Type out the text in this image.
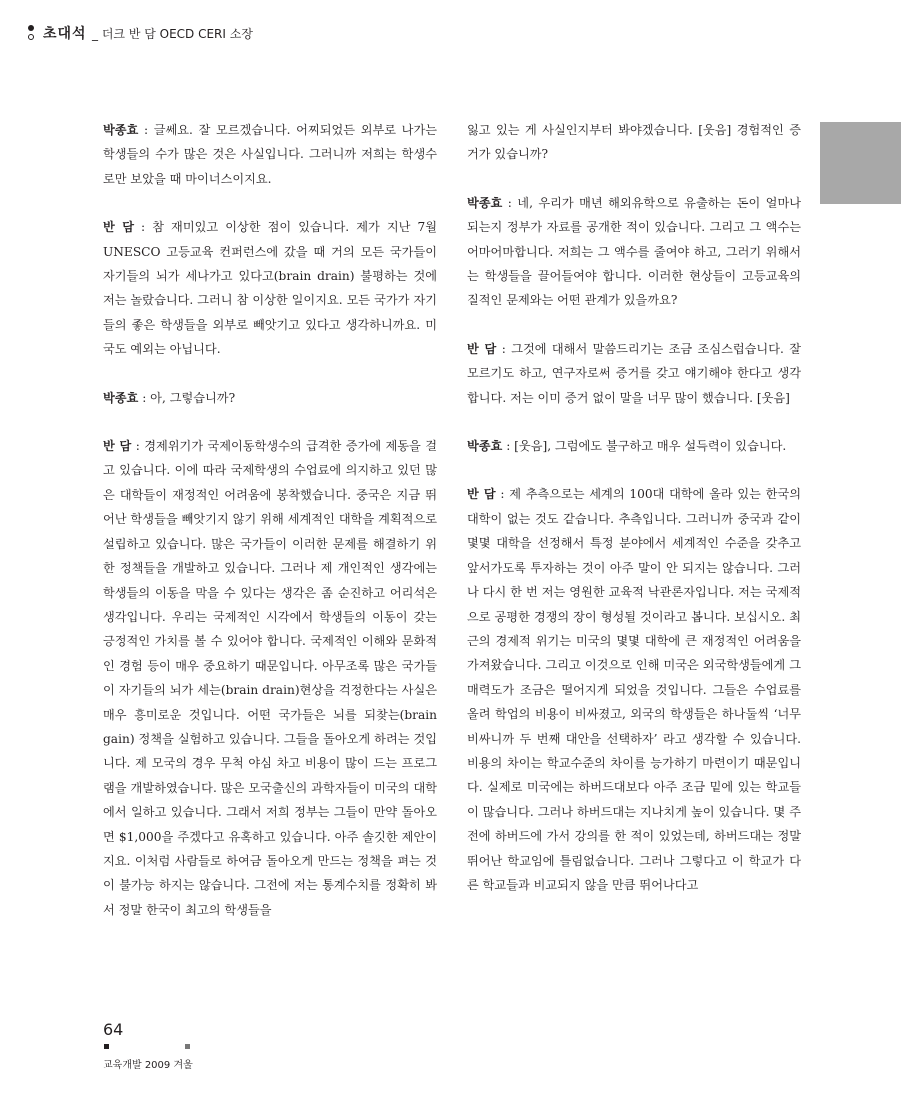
초대석 _ 더크 반 담 OECD CERI 소장

박종효 : 글쎄요. 잘 모르겠습니다. 어찌되었든 외부로 나가는 학생들의 수가 많은 것은 사실입니다. 그러니까 저희는 학생수로만 보았을 때 마이너스이지요.

반 담 : 참 재미있고 이상한 점이 있습니다. 제가 지난 7월 UNESCO 고등교육 컨퍼런스에 갔을 때 거의 모든 국가들이 자기들의 뇌가 세나가고 있다고(brain drain) 불평하는 것에 저는 놀랐습니다. 그러니 참 이상한 일이지요. 모든 국가가 자기들의 좋은 학생들을 외부로 빼앗기고 있다고 생각하니까요. 미국도 예외는 아닙니다.

박종효 : 아, 그렇습니까?

반 담 : 경제위기가 국제이동학생수의 급격한 증가에 제동을 걸고 있습니다. 이에 따라 국제학생의 수업료에 의지하고 있던 많은 대학들이 재정적인 어려움에 봉착했습니다. 중국은 지금 뛰어난 학생들을 빼앗기지 않기 위해 세계적인 대학을 계획적으로 설립하고 있습니다. 많은 국가들이 이러한 문제를 해결하기 위한 정책들을 개발하고 있습니다. 그러나 제 개인적인 생각에는 학생들의 이동을 막을 수 있다는 생각은 좀 순진하고 어리석은 생각입니다. 우리는 국제적인 시각에서 학생들의 이동이 갖는 긍정적인 가치를 볼 수 있어야 합니다. 국제적인 이해와 문화적인 경험 등이 매우 중요하기 때문입니다. 아무조록 많은 국가들이 자기들의 뇌가 세는(brain drain)현상을 걱정한다는 사실은 매우 흥미로운 것입니다. 어떤 국가들은 뇌를 되찾는(brain gain) 정책을 실험하고 있습니다. 그들을 돌아오게 하려는 것입니다. 제 모국의 경우 무척 야심 차고 비용이 많이 드는 프로그램을 개발하였습니다. 많은 모국출신의 과학자들이 미국의 대학에서 일하고 있습니다. 그래서 저희 정부는 그들이 만약 돌아오면 $1,000을 주겠다고 유혹하고 있습니다. 아주 솔깃한 제안이지요. 이처럼 사람들로 하여금 돌아오게 만드는 정책을 펴는 것이 불가능 하지는 않습니다. 그전에 저는 통계수치를 정확히 봐서 정말 한국이 최고의 학생들을

잃고 있는 게 사실인지부터 봐야겠습니다. [웃음] 경험적인 증거가 있습니까?

박종효 : 네, 우리가 매년 해외유학으로 유출하는 돈이 얼마나 되는지 정부가 자료를 공개한 적이 있습니다. 그리고 그 액수는 어마어마합니다. 저희는 그 액수를 줄여야 하고, 그러기 위해서는 학생들을 끌어들여야 합니다. 이러한 현상들이 고등교육의 질적인 문제와는 어떤 관계가 있을까요?

반 담 : 그것에 대해서 말씀드리기는 조금 조심스럽습니다. 잘 모르기도 하고, 연구자로써 증거를 갖고 얘기해야 한다고 생각합니다. 저는 이미 증거 없이 말을 너무 많이 했습니다. [웃음]

박종효 : [웃음], 그럼에도 불구하고 매우 설득력이 있습니다.

반 담 : 제 추측으로는 세계의 100대 대학에 올라 있는 한국의 대학이 없는 것도 같습니다. 추측입니다. 그러니까 중국과 같이 몇몇 대학을 선정해서 특정 분야에서 세계적인 수준을 갖추고 앞서가도록 투자하는 것이 아주 말이 안 되지는 않습니다. 그러나 다시 한 번 저는 영원한 교육적 낙관론자입니다. 저는 국제적으로 공평한 경쟁의 장이 형성될 것이라고 봅니다. 보십시오. 최근의 경제적 위기는 미국의 몇몇 대학에 큰 재정적인 어려움을 가져왔습니다. 그리고 이것으로 인해 미국은 외국학생들에게 그 매력도가 조금은 떨어지게 되었을 것입니다. 그들은 수업료를 올려 학업의 비용이 비싸졌고, 외국의 학생들은 하나둘씩 ‘너무 비싸니까 두 번째 대안을 선택하자’ 라고 생각할 수 있습니다. 비용의 차이는 학교수준의 차이를 능가하기 마련이기 때문입니다. 실제로 미국에는 하버드대보다 아주 조금 밑에 있는 학교들이 많습니다. 그러나 하버드대는 지나치게 높이 있습니다. 몇 주 전에 하버드에 가서 강의를 한 적이 있었는데, 하버드대는 정말 뛰어난 학교임에 틀림없습니다. 그러나 그렇다고 이 학교가 다른 학교들과 비교되지 않을 만큼 뛰어나다고

64
교육개발 2009 겨울
